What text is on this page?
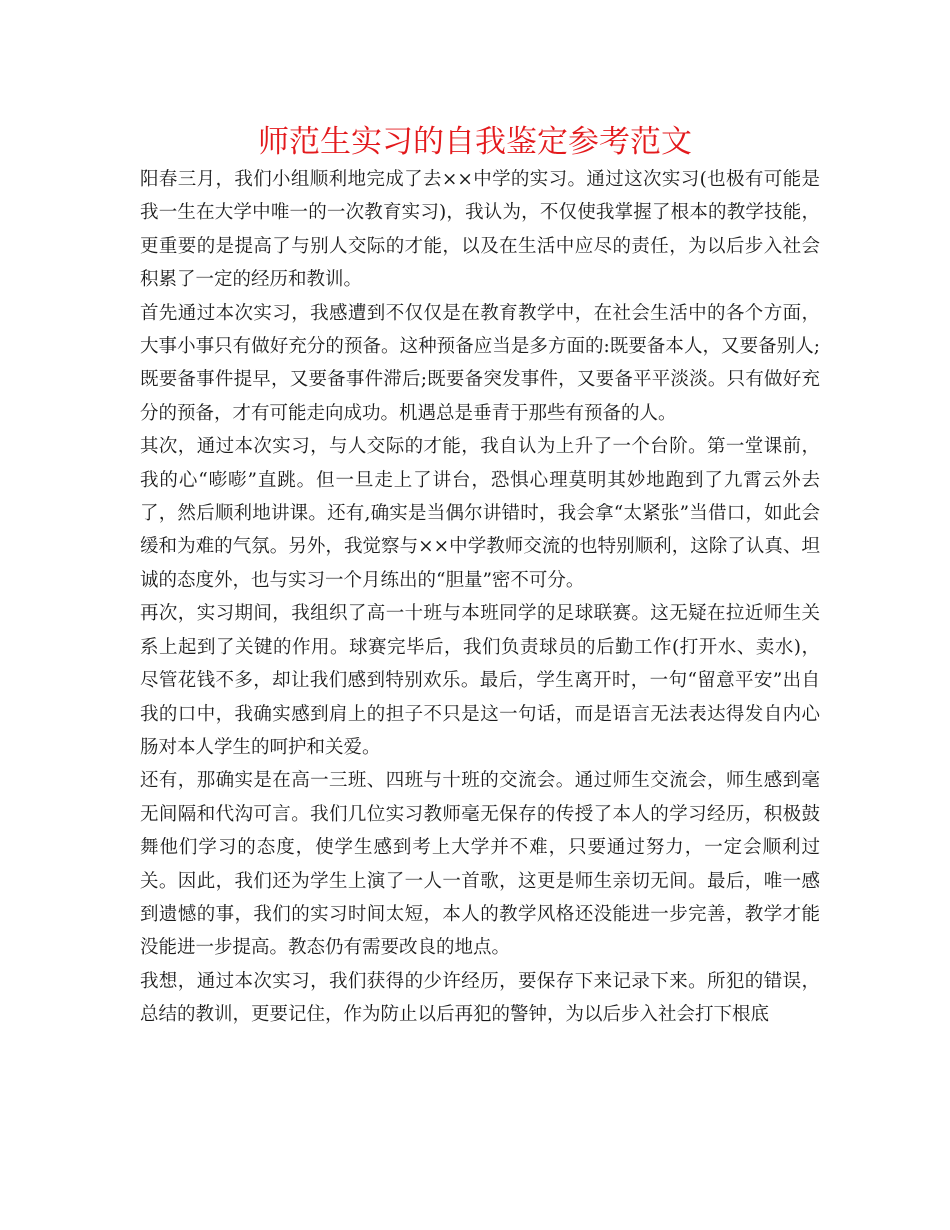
师范生实习的自我鉴定参考范文

阳春三月，我们小组顺利地完成了去××中学的实习。通过这次实习(也极有可能是我一生在大学中唯一的一次教育实习)，我认为，不仅使我掌握了根本的教学技能，更重要的是提高了与别人交际的才能，以及在生活中应尽的责任，为以后步入社会积累了一定的经历和教训。

首先通过本次实习，我感遭到不仅仅是在教育教学中，在社会生活中的各个方面，大事小事只有做好充分的预备。这种预备应当是多方面的:既要备本人，又要备别人;既要备事件提早，又要备事件滞后;既要备突发事件，又要备平平淡淡。只有做好充分的预备，才有可能走向成功。机遇总是垂青于那些有预备的人。

其次，通过本次实习，与人交际的才能，我自认为上升了一个台阶。第一堂课前，我的心“嘭嘭”直跳。但一旦走上了讲台，恐惧心理莫明其妙地跑到了九霄云外去了，然后顺利地讲课。还有,确实是当偶尔讲错时，我会拿“太紧张”当借口，如此会缓和为难的气氛。另外，我觉察与××中学教师交流的也特别顺利，这除了认真、坦诚的态度外，也与实习一个月练出的“胆量”密不可分。

再次，实习期间，我组织了高一十班与本班同学的足球联赛。这无疑在拉近师生关系上起到了关键的作用。球赛完毕后，我们负责球员的后勤工作(打开水、卖水)，尽管花钱不多，却让我们感到特别欢乐。最后，学生离开时，一句“留意平安”出自我的口中，我确实感到肩上的担子不只是这一句话，而是语言无法表达得发自内心肠对本人学生的呵护和关爱。

还有，那确实是在高一三班、四班与十班的交流会。通过师生交流会，师生感到毫无间隔和代沟可言。我们几位实习教师毫无保存的传授了本人的学习经历，积极鼓舞他们学习的态度，使学生感到考上大学并不难，只要通过努力，一定会顺利过关。因此，我们还为学生上演了一人一首歌，这更是师生亲切无间。最后，唯一感到遗憾的事，我们的实习时间太短，本人的教学风格还没能进一步完善，教学才能没能进一步提高。教态仍有需要改良的地点。

我想，通过本次实习，我们获得的少许经历，要保存下来记录下来。所犯的错误，总结的教训，更要记住，作为防止以后再犯的警钟，为以后步入社会打下根底
